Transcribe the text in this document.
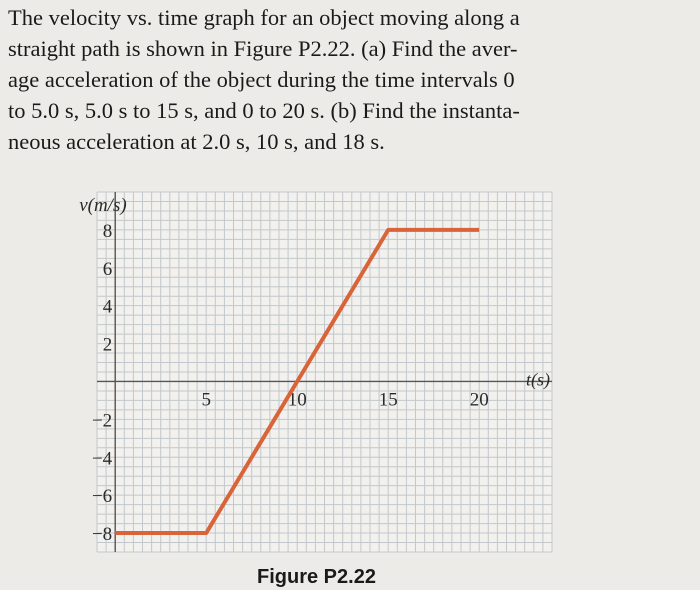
The velocity vs. time graph for an object moving along a
straight path is shown in Figure P2.22. (a) Find the aver-
age acceleration of the object during the time intervals 0
to 5.0 s, 5.0 s to 15 s, and 0 to 20 s. (b) Find the instanta-
neous acceleration at 2.0 s, 10 s, and 18 s.
−8
−6
−4
−2
2
4
6
8
5	10	15	20
v(m/s)
t(s)
Figure P2.22
